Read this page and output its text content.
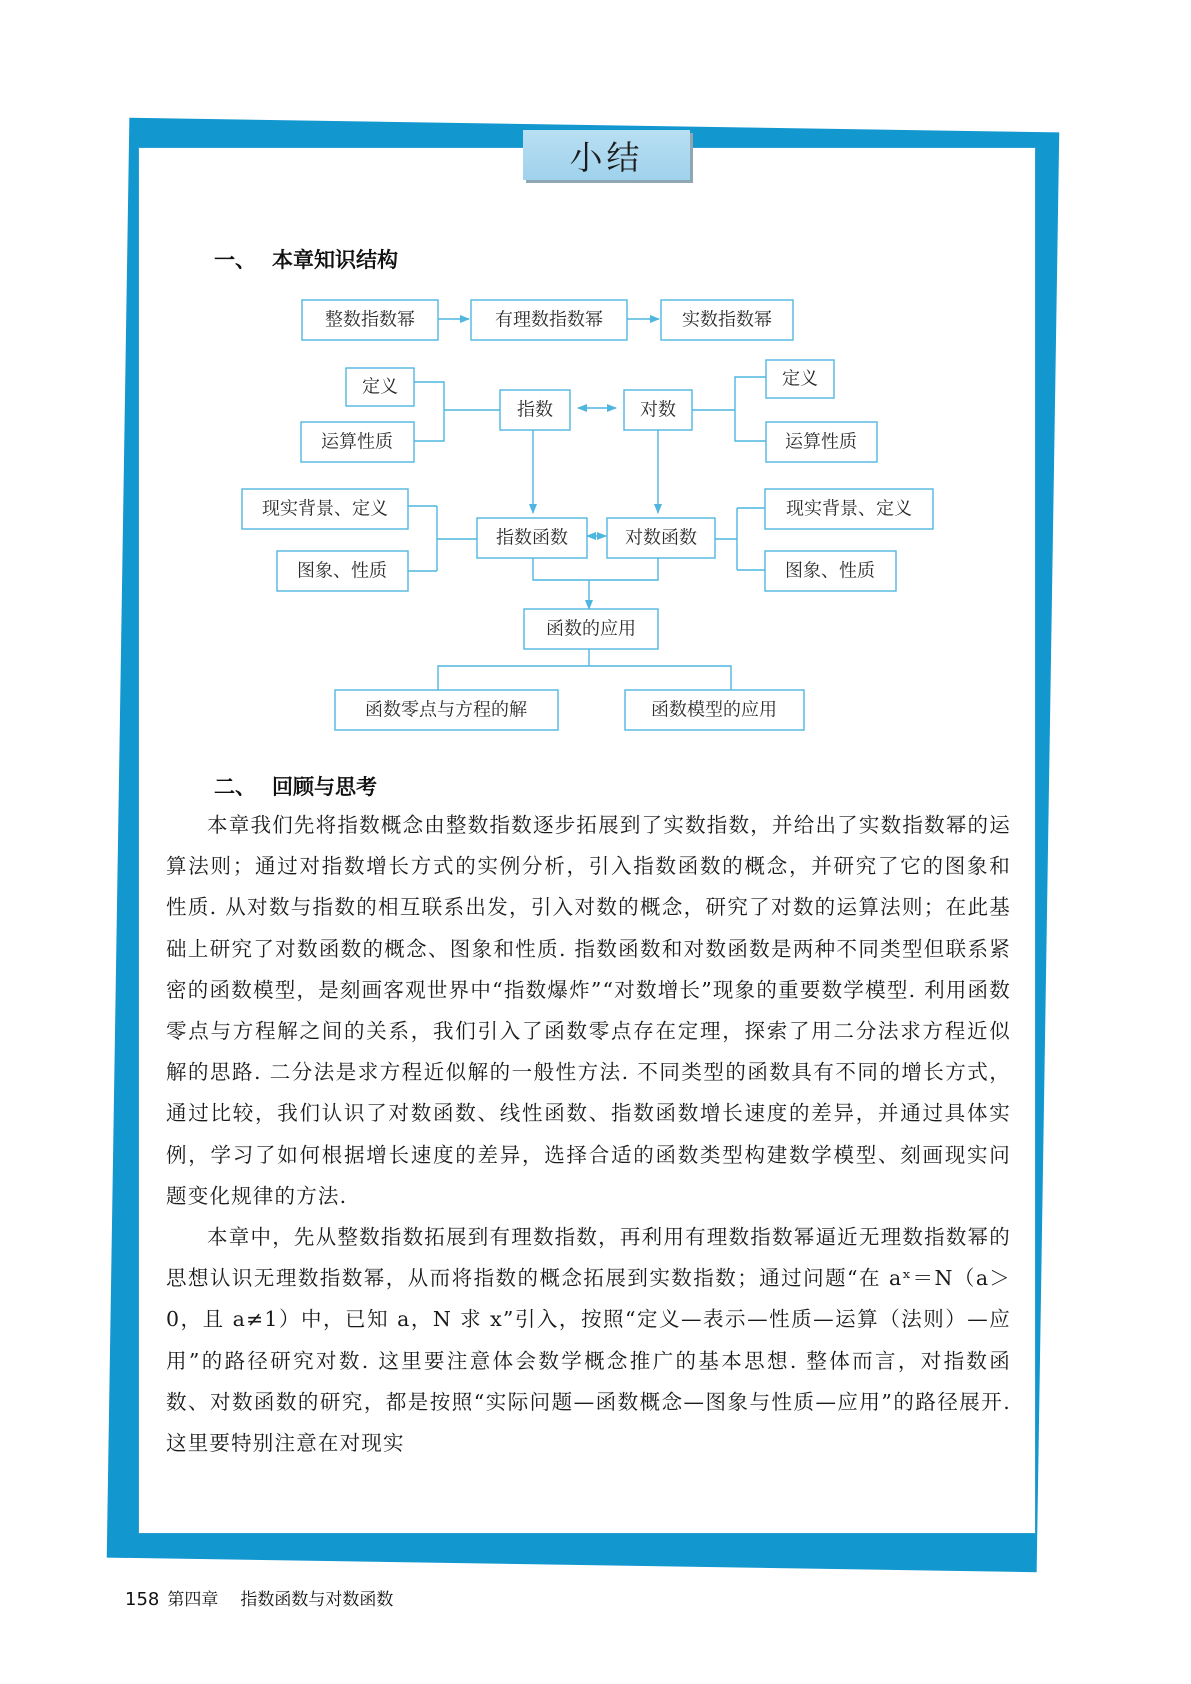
小结
一、 本章知识结构
整数指数幂	有理数指数幂	实数指数幂
定义
运算性质
指数	对数
定义
运算性质
现实背景、定义
图象、性质
指数函数	对数函数
现实背景、定义
图象、性质
函数的应用
函数零点与方程的解	函数模型的应用
二、 回顾与思考

本章我们先将指数概念由整数指数逐步拓展到了实数指数，并给出了实数指数幂的运算法则；通过对指数增长方式的实例分析，引入指数函数的概念，并研究了它的图象和性质. 从对数与指数的相互联系出发，引入对数的概念，研究了对数的运算法则；在此基础上研究了对数函数的概念、图象和性质. 指数函数和对数函数是两种不同类型但联系紧密的函数模型，是刻画客观世界中“指数爆炸”“对数增长”现象的重要数学模型. 利用函数零点与方程解之间的关系，我们引入了函数零点存在定理，探索了用二分法求方程近似解的思路. 二分法是求方程近似解的一般性方法. 不同类型的函数具有不同的增长方式，通过比较，我们认识了对数函数、线性函数、指数函数增长速度的差异，并通过具体实例，学习了如何根据增长速度的差异，选择合适的函数类型构建数学模型、刻画现实问题变化规律的方法.

本章中，先从整数指数拓展到有理数指数，再利用有理数指数幂逼近无理数指数幂的思想认识无理数指数幂，从而将指数的概念拓展到实数指数；通过问题“在 aˣ＝N（a＞0，且 a≠1）中，已知 a，N 求 x”引入，按照“定义—表示—性质—运算（法则）—应用”的路径研究对数. 这里要注意体会数学概念推广的基本思想. 整体而言，对指数函数、对数函数的研究，都是按照“实际问题—函数概念—图象与性质—应用”的路径展开. 这里要特别注意在对现实

158 第四章 指数函数与对数函数
